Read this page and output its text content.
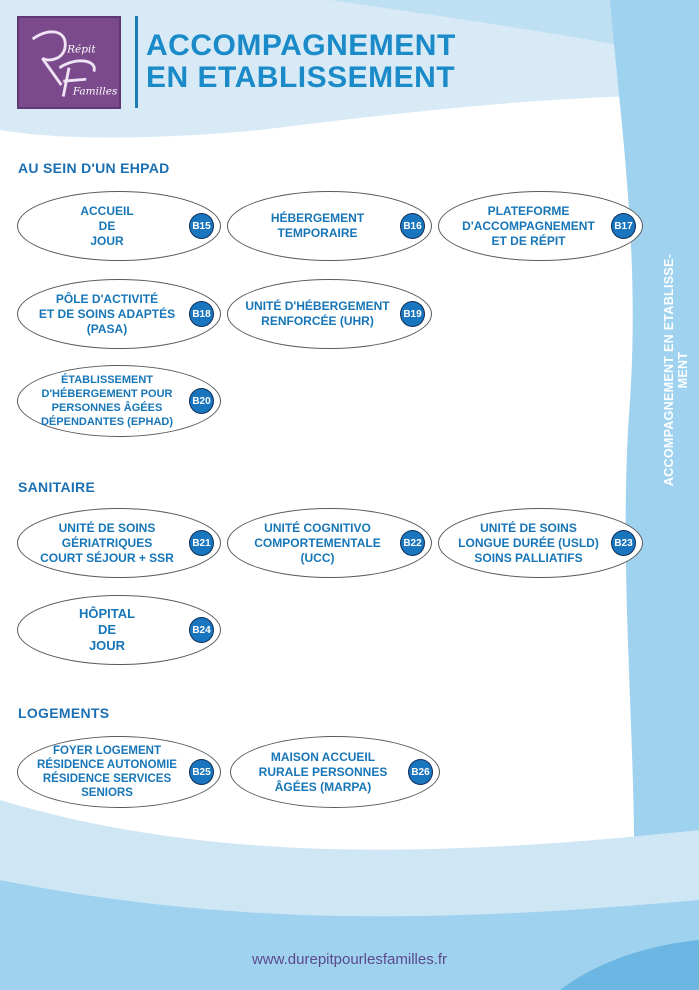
Répit
Familles
ACCOMPAGNEMENT
EN ETABLISSEMENT
ACCOMPAGNEMENT EN ETABLISSE- MENT
AU SEIN D'UN EHPAD
SANITAIRE
LOGEMENTS
ACCUEIL
DE
JOUR
B15
HÉBERGEMENT
TEMPORAIRE	B16
PLATEFORME
D'ACCOMPAGNEMENT
ET DE RÉPIT
B17
PÔLE D'ACTIVITÉ
ET DE SOINS ADAPTÉS
(PASA)
B18
UNITÉ D'HÉBERGEMENT
RENFORCÉE (UHR)	B19
ÉTABLISSEMENT
D'HÉBERGEMENT POUR
PERSONNES ÂGÉES
DÉPENDANTES (EPHAD)
B20
UNITÉ DE SOINS
GÉRIATRIQUES
COURT SÉJOUR + SSR
B21
UNITÉ COGNITIVO
COMPORTEMENTALE
(UCC)
B22
UNITÉ DE SOINS
LONGUE DURÉE (USLD)
SOINS PALLIATIFS
B23
HÔPITAL
DE
JOUR
B24
FOYER LOGEMENT
RÉSIDENCE AUTONOMIE
RÉSIDENCE SERVICES
SENIORS
B25
MAISON ACCUEIL
RURALE PERSONNES
ÂGÉES (MARPA)
B26
www.durepitpourlesfamilles.fr
